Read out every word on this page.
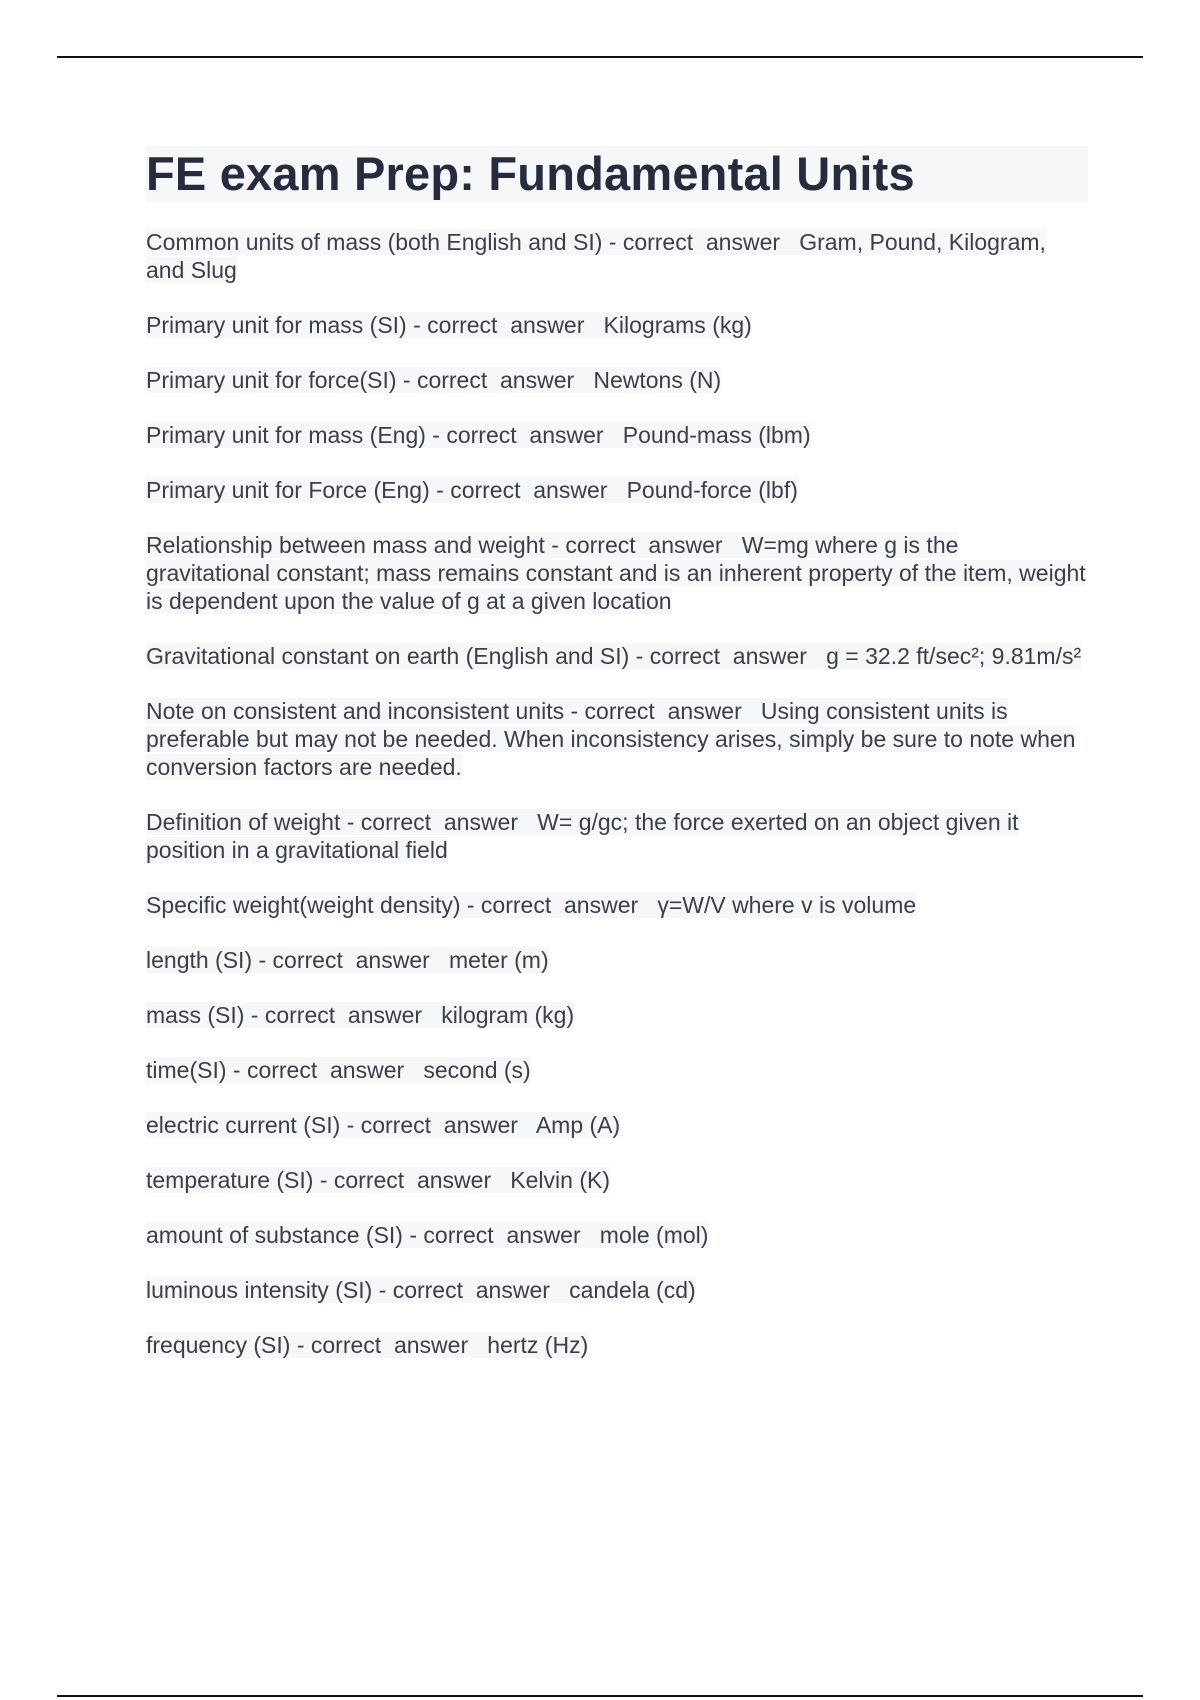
FE exam Prep: Fundamental Units
Common units of mass (both English and SI) - correct  answer   Gram, Pound, Kilogram, and Slug
Primary unit for mass (SI) - correct  answer   Kilograms (kg)
Primary unit for force(SI) - correct  answer   Newtons (N)
Primary unit for mass (Eng) - correct  answer   Pound-mass (lbm)
Primary unit for Force (Eng) - correct  answer   Pound-force (lbf)
Relationship between mass and weight - correct  answer   W=mg where g is the gravitational constant; mass remains constant and is an inherent property of the item, weight is dependent upon the value of g at a given location
Gravitational constant on earth (English and SI) - correct  answer   g = 32.2 ft/sec²; 9.81m/s²
Note on consistent and inconsistent units - correct  answer   Using consistent units is preferable but may not be needed. When inconsistency arises, simply be sure to note when conversion factors are needed.
Definition of weight - correct  answer   W= g/gc; the force exerted on an object given it position in a gravitational field
Specific weight(weight density) - correct  answer   γ=W/V where v is volume
length (SI) - correct  answer   meter (m)
mass (SI) - correct  answer   kilogram (kg)
time(SI) - correct  answer   second (s)
electric current (SI) - correct  answer   Amp (A)
temperature (SI) - correct  answer   Kelvin (K)
amount of substance (SI) - correct  answer   mole (mol)
luminous intensity (SI) - correct  answer   candela (cd)
frequency (SI) - correct  answer   hertz (Hz)
